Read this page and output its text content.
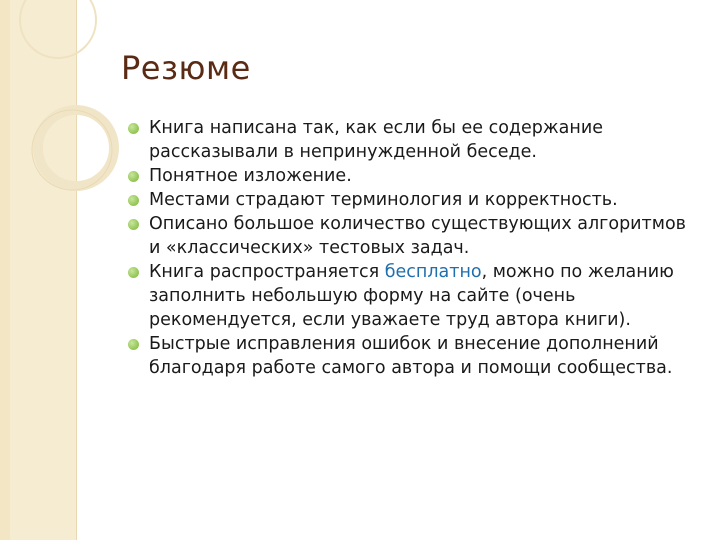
Резюме
Книга написана так, как если бы ее содержание рассказывали в непринужденной беседе.
Понятное изложение.
Местами страдают терминология и корректность.
Описано большое количество существующих алгоритмов и «классических» тестовых задач.
Книга распространяется бесплатно, можно по желанию заполнить небольшую форму на сайте (очень рекомендуется, если уважаете труд автора книги).
Быстрые исправления ошибок и внесение дополнений благодаря работе самого автора и помощи сообщества.
